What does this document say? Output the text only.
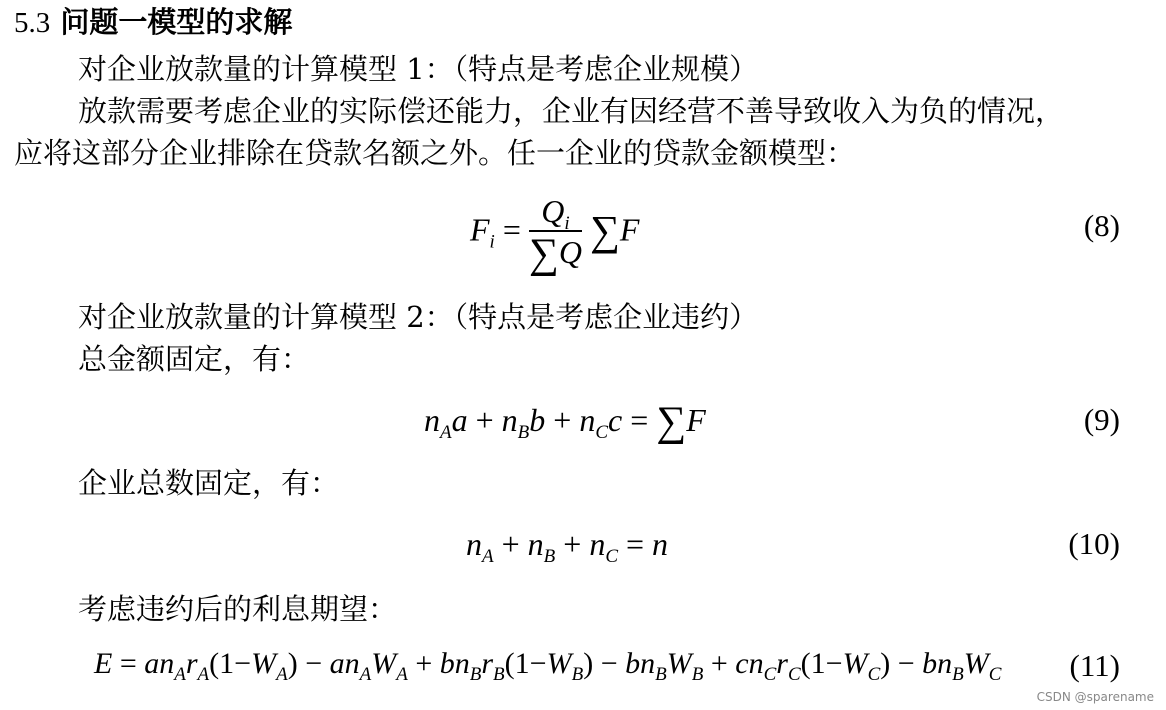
5.3 问题一模型的求解
对企业放款量的计算模型 1：（特点是考虑企业规模）
放款需要考虑企业的实际偿还能力，企业有因经营不善导致收入为负的情况，
应将这部分企业排除在贷款名额之外。任一企业的贷款金额模型：
$F_i = \frac{Q_i}{\sum Q} \sum F$	(8)
对企业放款量的计算模型 2：（特点是考虑企业违约）
总金额固定，有：
$n_Aa + n_Bb + n_Cc = \sum F$	(9)
企业总数固定，有：
$n_A + n_B + n_C = n$	(10)
考虑违约后的利息期望：
$E = an_Ar_A(1-W_A) - an_AW_A + bn_Br_B(1-W_B) - bn_BW_B + cn_Cr_C(1-W_C) - bn_BW_C$ (11)
CSDN @sparename
